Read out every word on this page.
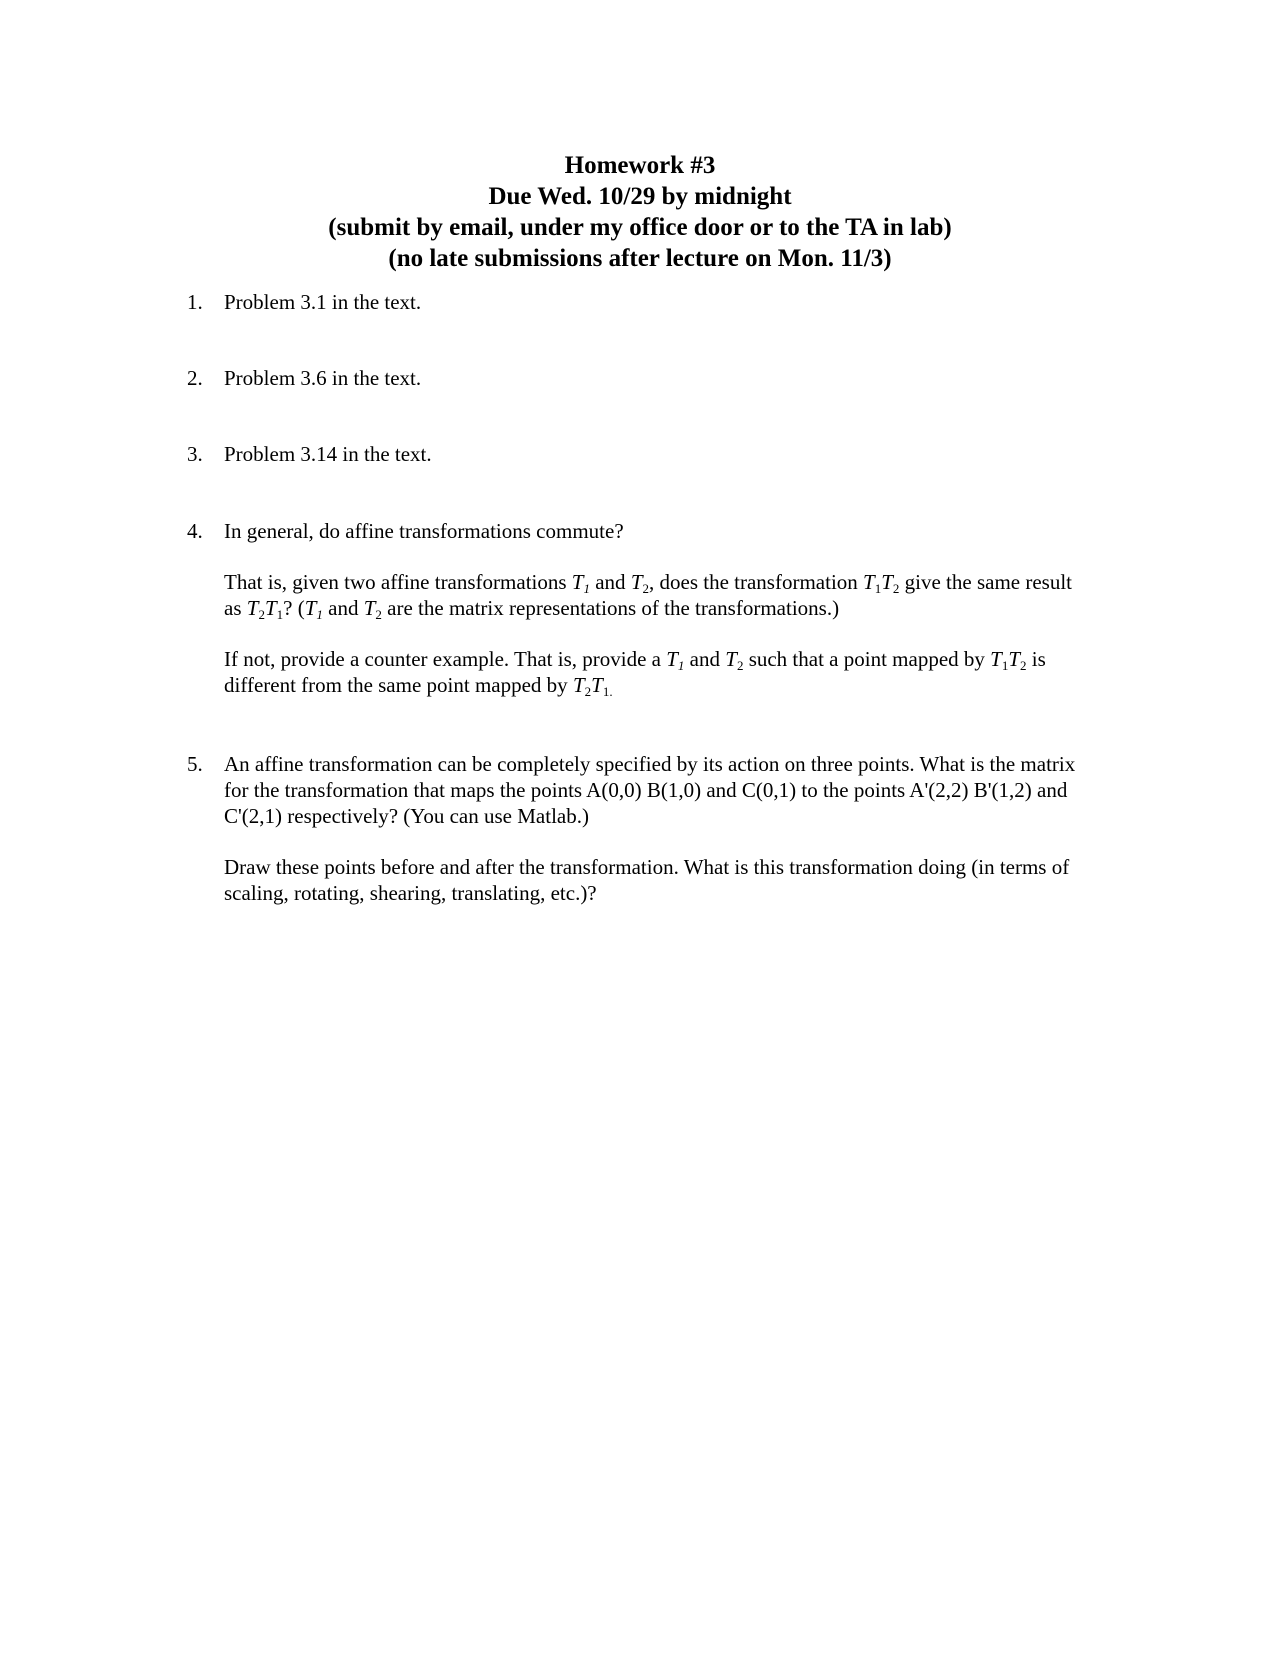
Homework #3
Due Wed. 10/29 by midnight
(submit by email, under my office door or to the TA in lab)
(no late submissions after lecture on Mon. 11/3)
1.	Problem 3.1 in the text.
2.	Problem 3.6 in the text.
3.	Problem 3.14 in the text.
4.	In general, do affine transformations commute?

That is, given two affine transformations $T_1$ and $T_2$, does the transformation $T_1T_2$ give the same result as $T_2T_1$? ($T_1$ and $T_2$ are the matrix representations of the transformations.)

If not, provide a counter example. That is, provide a $T_1$ and $T_2$ such that a point mapped by $T_1T_2$ is different from the same point mapped by $T_2T_{1.}$

5.	An affine transformation can be completely specified by its action on three points. What is the matrix for the transformation that maps the points A(0,0) B(1,0) and C(0,1) to the points A'(2,2) B'(1,2) and C'(2,1) respectively? (You can use Matlab.)

Draw these points before and after the transformation. What is this transformation doing (in terms of scaling, rotating, shearing, translating, etc.)?
